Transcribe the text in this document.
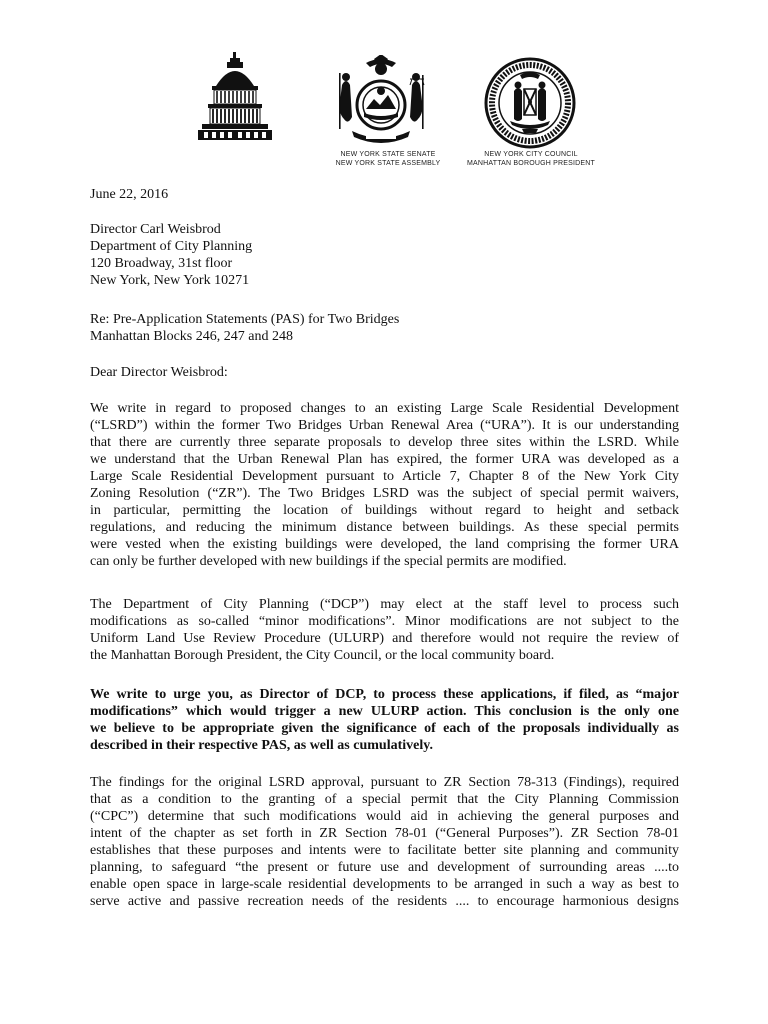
NEW YORK STATE SENATE
NEW YORK STATE ASSEMBLY
NEW YORK CITY COUNCIL
MANHATTAN BOROUGH PRESIDENT
June 22, 2016
Director Carl Weisbrod
Department of City Planning
120 Broadway, 31st floor
New York, New York 10271
Re: Pre-Application Statements (PAS) for Two Bridges
Manhattan Blocks 246, 247 and 248
Dear Director Weisbrod:
We write in regard to proposed changes to an existing Large Scale Residential Development
(“LSRD”) within the former Two Bridges Urban Renewal Area (“URA”). It is our understanding
that there are currently three separate proposals to develop three sites within the LSRD. While
we understand that the Urban Renewal Plan has expired, the former URA was developed as a
Large Scale Residential Development pursuant to Article 7, Chapter 8 of the New York City
Zoning Resolution (“ZR”). The Two Bridges LSRD was the subject of special permit waivers,
in particular, permitting the location of buildings without regard to height and setback
regulations, and reducing the minimum distance between buildings. As these special permits
were vested when the existing buildings were developed, the land comprising the former URA
can only be further developed with new buildings if the special permits are modified.
The Department of City Planning (“DCP”) may elect at the staff level to process such
modifications as so-called “minor modifications”. Minor modifications are not subject to the
Uniform Land Use Review Procedure (ULURP) and therefore would not require the review of
the Manhattan Borough President, the City Council, or the local community board.
We write to urge you, as Director of DCP, to process these applications, if filed, as “major
modifications” which would trigger a new ULURP action. This conclusion is the only one
we believe to be appropriate given the significance of each of the proposals individually as
described in their respective PAS, as well as cumulatively.
The findings for the original LSRD approval, pursuant to ZR Section 78-313 (Findings), required
that as a condition to the granting of a special permit that the City Planning Commission
(“CPC”) determine that such modifications would aid in achieving the general purposes and
intent of the chapter as set forth in ZR Section 78-01 (“General Purposes”). ZR Section 78-01
establishes that these purposes and intents were to facilitate better site planning and community
planning, to safeguard “the present or future use and development of surrounding areas ....to
enable open space in large-scale residential developments to be arranged in such a way as best to
serve active and passive recreation needs of the residents .... to encourage harmonious designs
